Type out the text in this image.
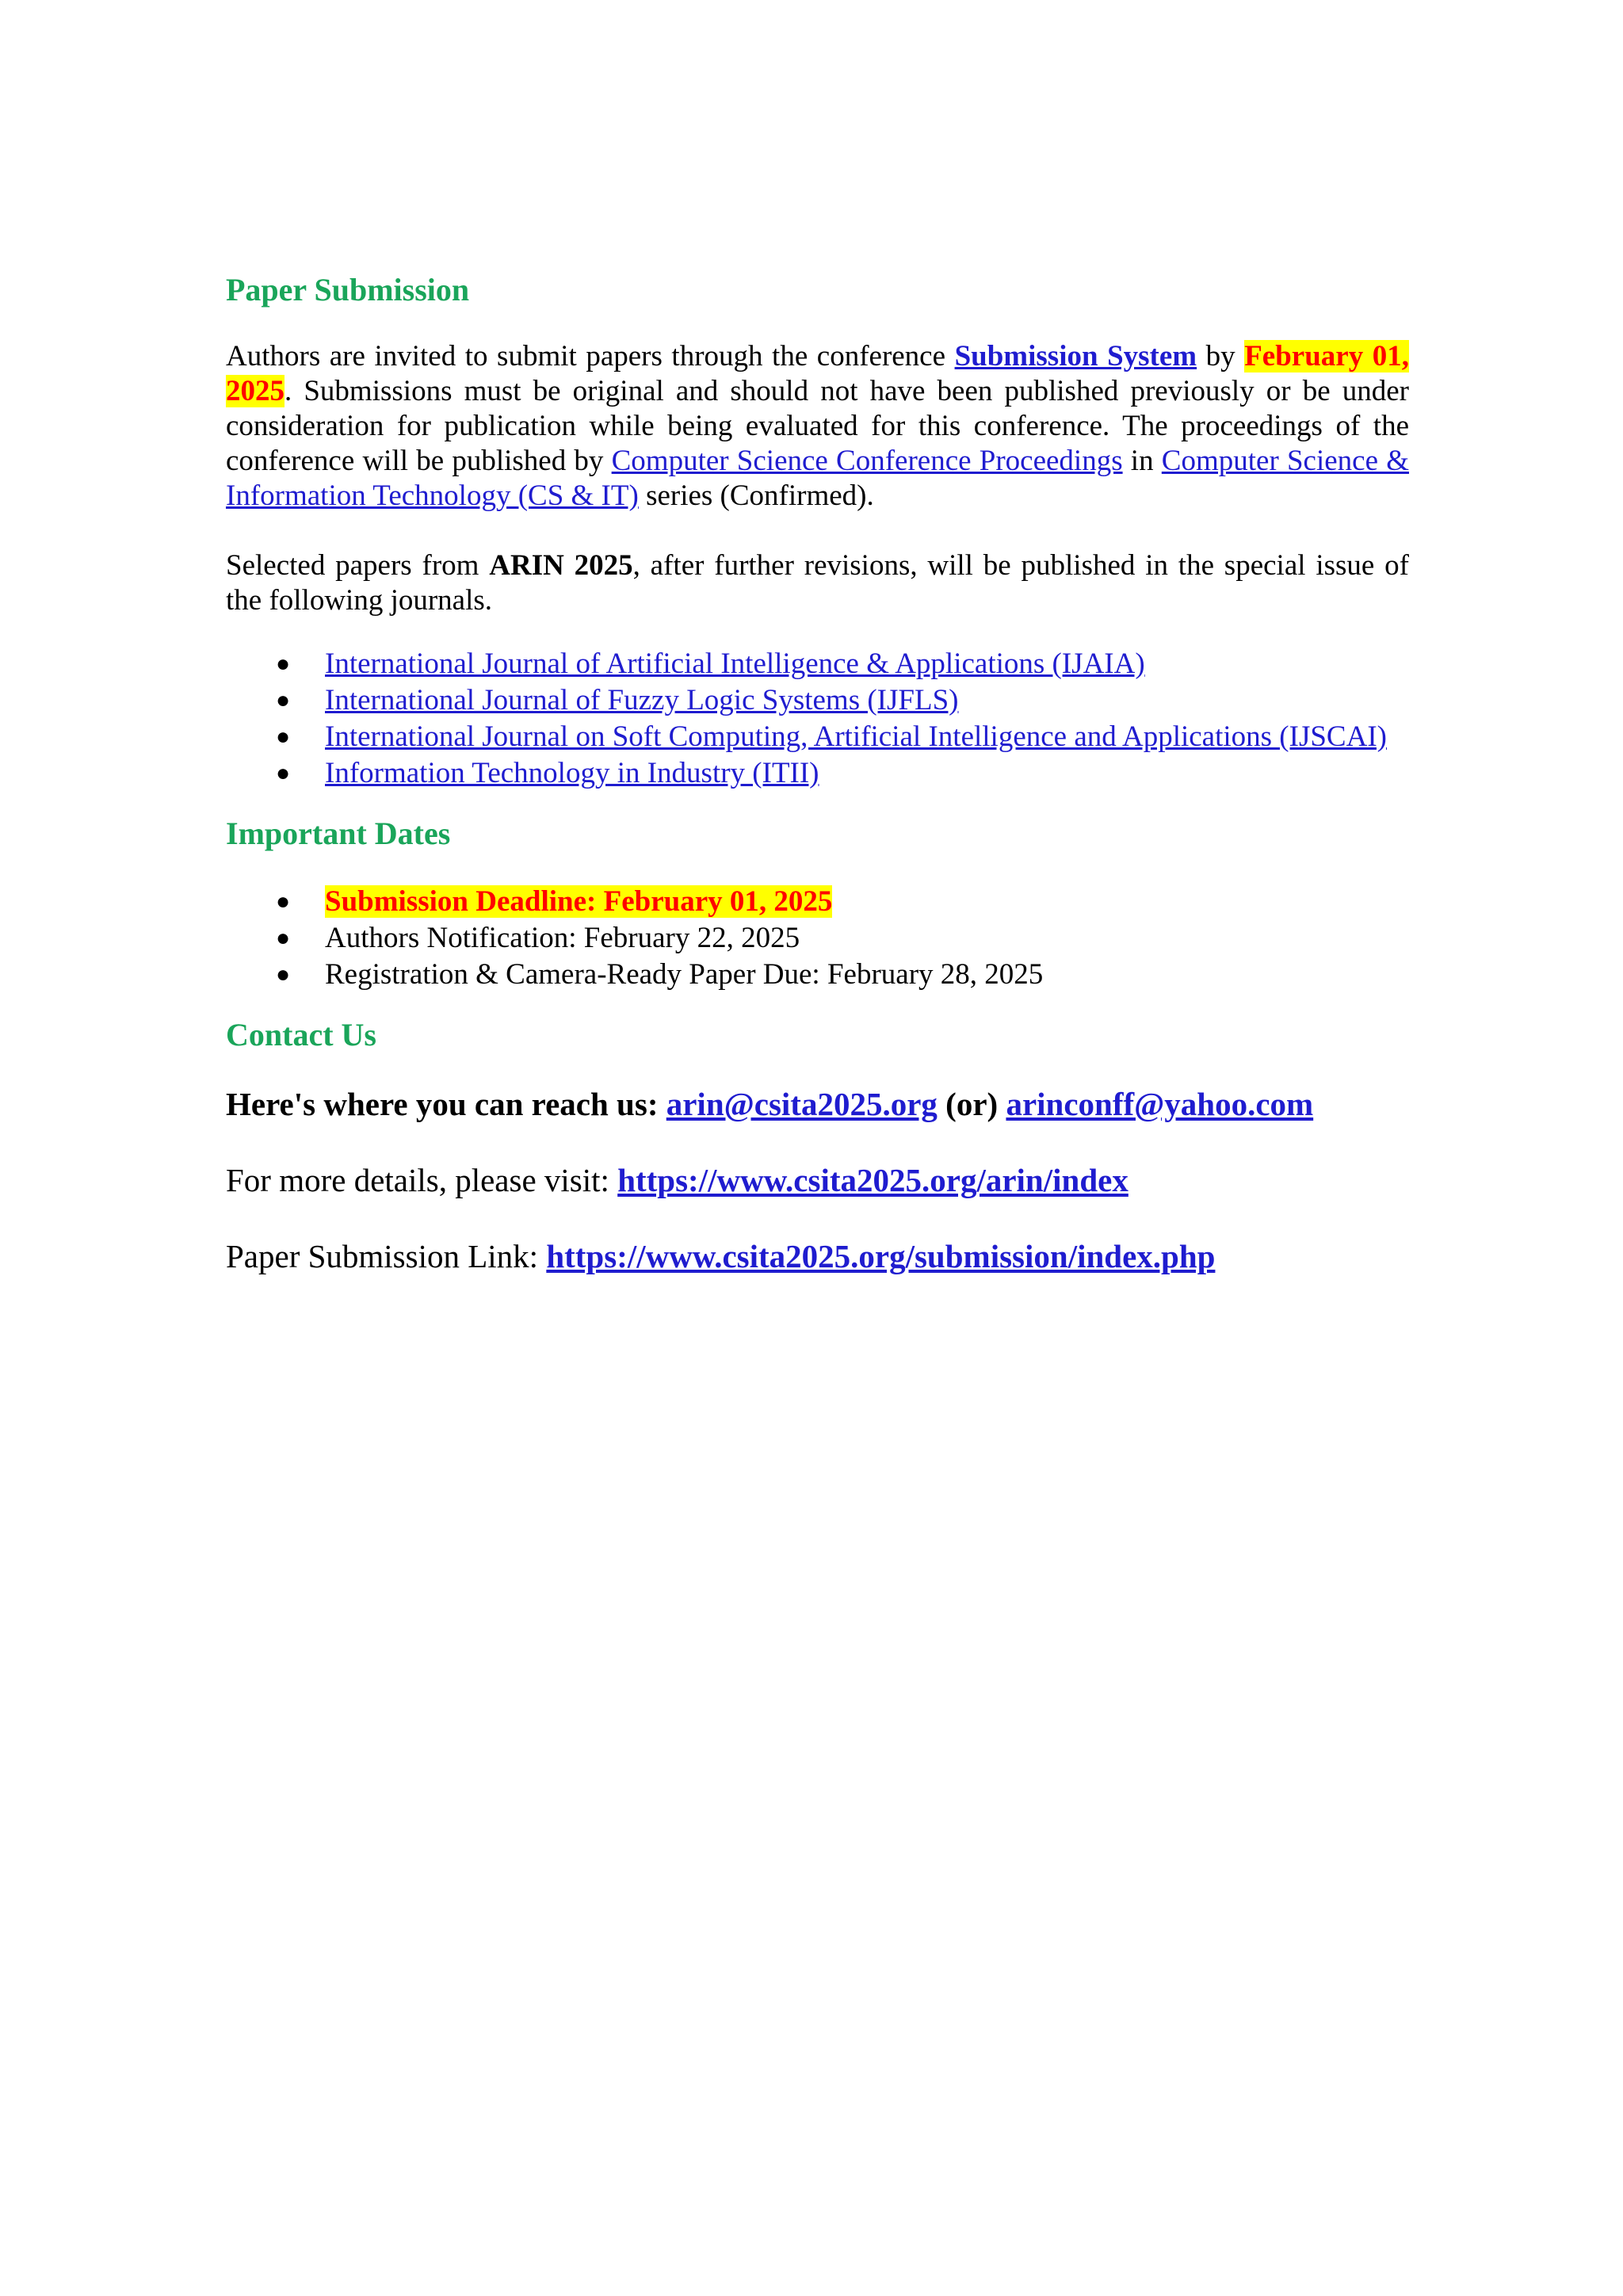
Paper Submission

Authors are invited to submit papers through the conference Submission System by February 01, 2025. Submissions must be original and should not have been published previously or be under consideration for publication while being evaluated for this conference. The proceedings of the conference will be published by Computer Science Conference Proceedings in Computer Science & Information Technology (CS & IT) series (Confirmed).

Selected papers from ARIN 2025, after further revisions, will be published in the special issue of the following journals.

● International Journal of Artificial Intelligence & Applications (IJAIA)
● International Journal of Fuzzy Logic Systems (IJFLS)
● International Journal on Soft Computing, Artificial Intelligence and Applications (IJSCAI)
● Information Technology in Industry (ITII)
Important Dates
● Submission Deadline: February 01, 2025
● Authors Notification: February 22, 2025
● Registration & Camera-Ready Paper Due: February 28, 2025
Contact Us

Here's where you can reach us: arin@csita2025.org (or) arinconff@yahoo.com

For more details, please visit: https://www.csita2025.org/arin/index

Paper Submission Link: https://www.csita2025.org/submission/index.php
